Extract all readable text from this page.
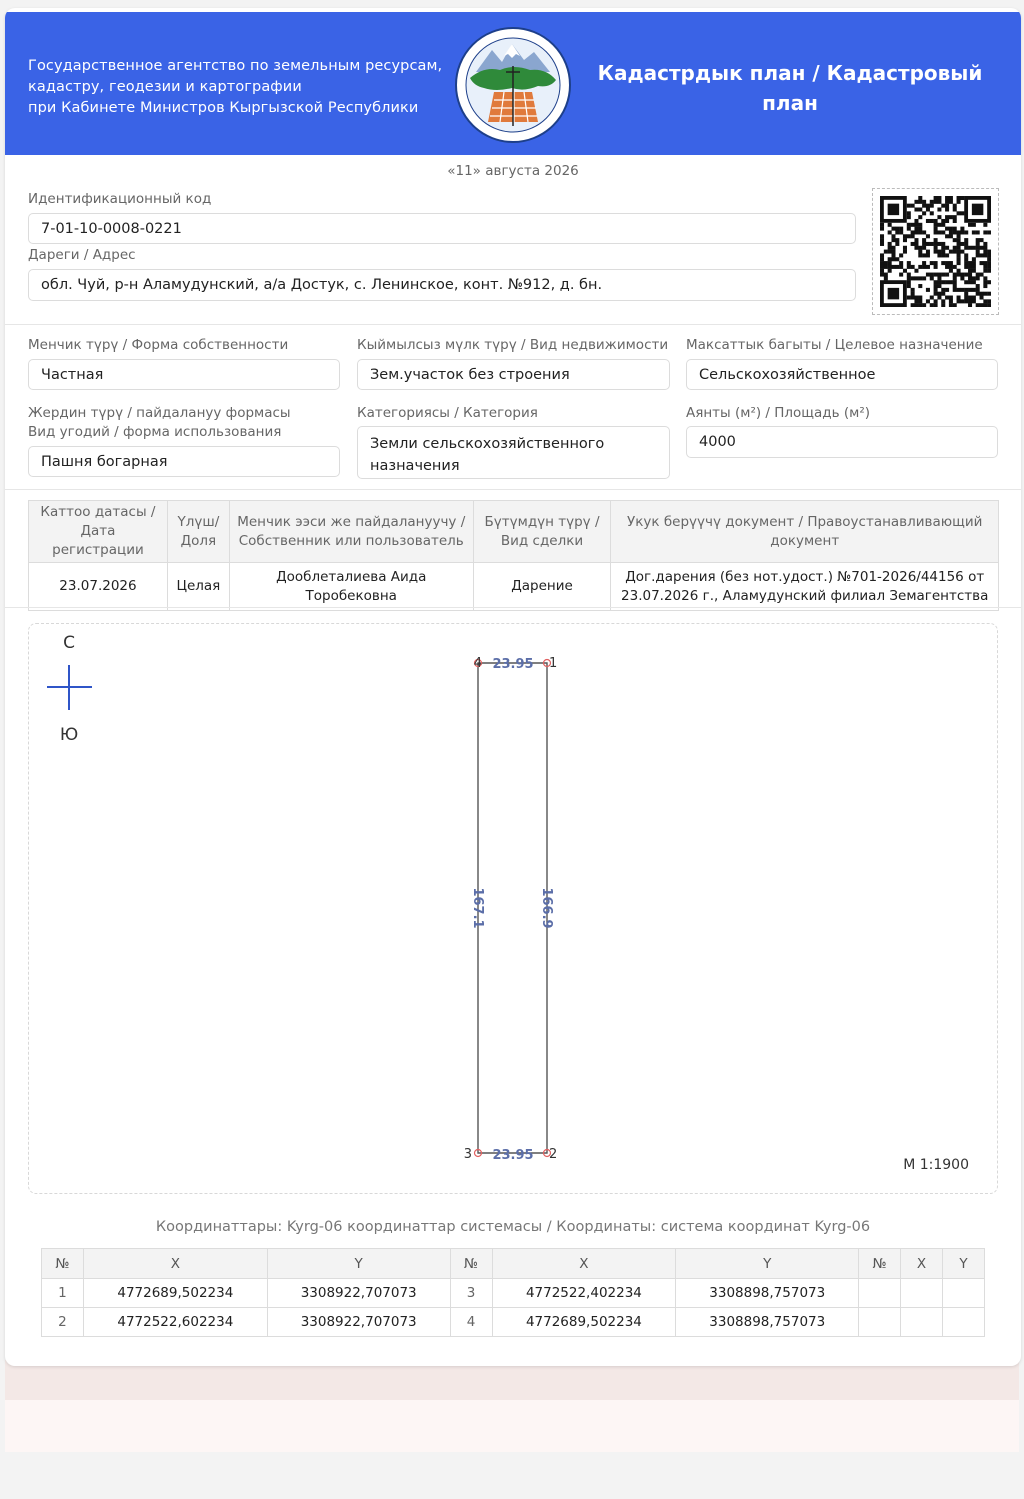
Государственное агентство по земельным ресурсам,
кадастру, геодезии и картографии
при Кабинете Министров Кыргызской Республики
Кадастрдык план / Кадастровый план
«11» августа 2026
Идентификационный код
7-01-10-0008-0221
Дареги / Адрес
обл. Чуй, р-н Аламудунский, а/а Достук, с. Ленинское, конт. №912, д. бн.
Менчик түрү / Форма собственности
Частная
Кыймылсыз мүлк түрү / Вид недвижимости
Зем.участок без строения
Максаттык багыты / Целевое назначение
Сельскохозяйственное
Жердин түрү / пайдалануу формасы
Вид угодий / форма использования
Пашня богарная
Категориясы / Категория
Земли сельскохозяйственного назначения
Аянты (м²) / Площадь (м²)
4000
Каттоо датасы / Дата регистрации	Үлүш/ Доля	Менчик ээси же пайдалануучу / Собственник или пользователь	Бүтүмдүн түрү / Вид сделки	Укук берүүчү документ / Правоустанавливающий документ
23.07.2026	Целая	Дооблеталиева Аида Торобековна	Дарение	Дог.дарения (без нот.удост.) №701-2026/44156 от 23.07.2026 г., Аламудунский филиал Земагентства
С
Ю
23.95
23.95
167.1	166.9
1
2
3
4
М 1:1900
Координаттары: Kyrg-06 координаттар системасы / Координаты: система координат Kyrg-06
№	X	Y	№	X	Y	№	X	Y
1	4772689,502234	3308922,707073	3	4772522,402234	3308898,757073			
2	4772522,602234	3308922,707073	4	4772689,502234	3308898,757073			
